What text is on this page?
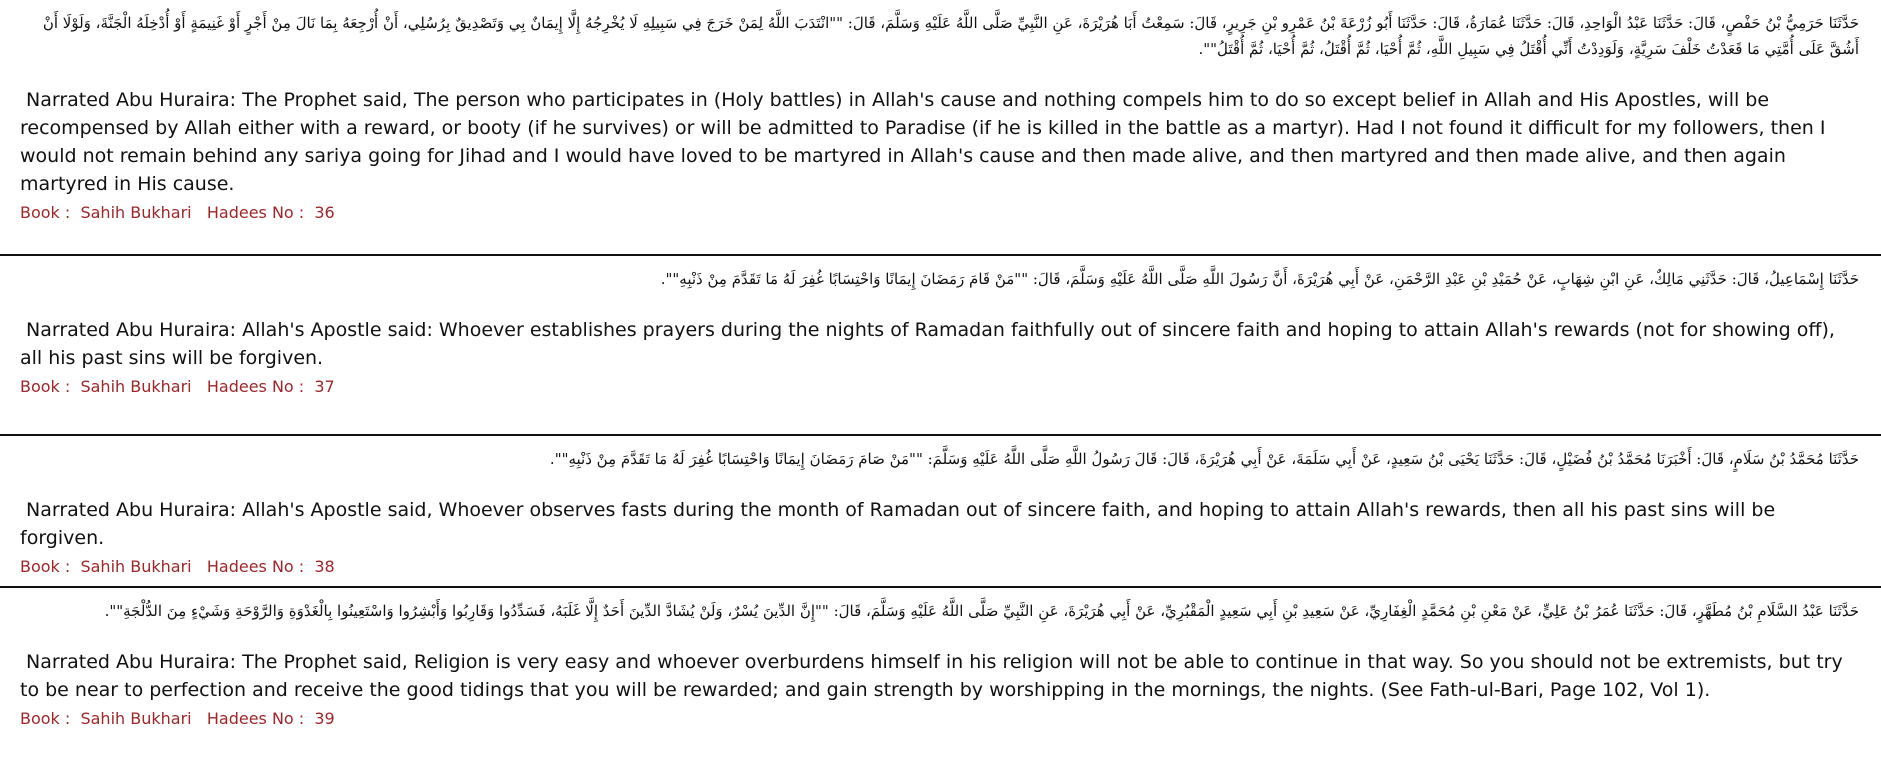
حَدَّثَنَا حَرَمِيُّ بْنُ حَفْصٍ، قَالَ: حَدَّثَنَا عَبْدُ الْوَاحِدِ، قَالَ: حَدَّثَنَا عُمَارَةُ، قَالَ: حَدَّثَنَا أَبُو زُرْعَةَ بْنُ عَمْرِو بْنِ جَرِيرٍ، قَالَ: سَمِعْتُ أَبَا هُرَيْرَةَ، عَنِ النَّبِيِّ صَلَّى اللَّهُ عَلَيْهِ وَسَلَّمَ، قَالَ: ""انْتَدَبَ اللَّهُ لِمَنْ خَرَجَ فِي سَبِيلِهِ لَا يُخْرِجُهُ إِلَّا إِيمَانٌ بِي وَتَصْدِيقٌ بِرُسُلِي، أَنْ أُرْجِعَهُ بِمَا نَالَ مِنْ أَجْرٍ أَوْ غَنِيمَةٍ أَوْ أُدْخِلَهُ الْجَنَّةَ، وَلَوْلَا أَنْ أَشُقَّ عَلَى أُمَّتِي مَا قَعَدْتُ خَلْفَ سَرِيَّةٍ، وَلَوَدِدْتُ أَنِّي أُقْتَلُ فِي سَبِيلِ اللَّهِ، ثُمَّ أُحْيَا، ثُمَّ أُقْتَلُ، ثُمَّ أُحْيَا، ثُمَّ أُقْتَلُ"".
Narrated Abu Huraira: The Prophet said, The person who participates in (Holy battles) in Allah's cause and nothing compels him to do so except belief in Allah and His Apostles, will be recompensed by Allah either with a reward, or booty (if he survives) or will be admitted to Paradise (if he is killed in the battle as a martyr). Had I not found it difficult for my followers, then I would not remain behind any sariya going for Jihad and I would have loved to be martyred in Allah's cause and then made alive, and then martyred and then made alive, and then again martyred in His cause.
Book :  Sahih Bukhari Hadees No :  36
حَدَّثَنَا إِسْمَاعِيلُ، قَالَ: حَدَّثَنِي مَالِكٌ، عَنِ ابْنِ شِهَابٍ، عَنْ حُمَيْدِ بْنِ عَبْدِ الرَّحْمَنِ، عَنْ أَبِي هُرَيْرَةَ، أَنَّ رَسُولَ اللَّهِ صَلَّى اللَّهُ عَلَيْهِ وَسَلَّمَ، قَالَ: ""مَنْ قَامَ رَمَضَانَ إِيمَانًا وَاحْتِسَابًا غُفِرَ لَهُ مَا تَقَدَّمَ مِنْ ذَنْبِهِ"".
Narrated Abu Huraira: Allah's Apostle said: Whoever establishes prayers during the nights of Ramadan faithfully out of sincere faith and hoping to attain Allah's rewards (not for showing off), all his past sins will be forgiven.
Book :  Sahih Bukhari Hadees No :  37
حَدَّثَنَا مُحَمَّدُ بْنُ سَلَامٍ، قَالَ: أَخْبَرَنَا مُحَمَّدُ بْنُ فُضَيْلٍ، قَالَ: حَدَّثَنَا يَحْيَى بْنُ سَعِيدٍ، عَنْ أَبِي سَلَمَةَ، عَنْ أَبِي هُرَيْرَةَ، قَالَ: قَالَ رَسُولُ اللَّهِ صَلَّى اللَّهُ عَلَيْهِ وَسَلَّمَ: ""مَنْ صَامَ رَمَضَانَ إِيمَانًا وَاحْتِسَابًا غُفِرَ لَهُ مَا تَقَدَّمَ مِنْ ذَنْبِهِ"".
Narrated Abu Huraira: Allah's Apostle said, Whoever observes fasts during the month of Ramadan out of sincere faith, and hoping to attain Allah's rewards, then all his past sins will be forgiven.
Book :  Sahih Bukhari Hadees No :  38
حَدَّثَنَا عَبْدُ السَّلَامِ بْنُ مُطَهَّرٍ، قَالَ: حَدَّثَنَا عُمَرُ بْنُ عَلِيٍّ، عَنْ مَعْنِ بْنِ مُحَمَّدٍ الْغِفَارِيِّ، عَنْ سَعِيدِ بْنِ أَبِي سَعِيدٍ الْمَقْبُرِيِّ، عَنْ أَبِي هُرَيْرَةَ، عَنِ النَّبِيِّ صَلَّى اللَّهُ عَلَيْهِ وَسَلَّمَ، قَالَ: ""إِنَّ الدِّينَ يُسْرٌ، وَلَنْ يُشَادَّ الدِّينَ أَحَدٌ إِلَّا غَلَبَهُ، فَسَدِّدُوا وَقَارِبُوا وَأَبْشِرُوا وَاسْتَعِينُوا بِالْغَدْوَةِ وَالرَّوْحَةِ وَشَيْءٍ مِنَ الدُّلْجَةِ"".
Narrated Abu Huraira: The Prophet said, Religion is very easy and whoever overburdens himself in his religion will not be able to continue in that way. So you should not be extremists, but try to be near to perfection and receive the good tidings that you will be rewarded; and gain strength by worshipping in the mornings, the nights. (See Fath-ul-Bari, Page 102, Vol 1).
Book :  Sahih Bukhari Hadees No :  39
